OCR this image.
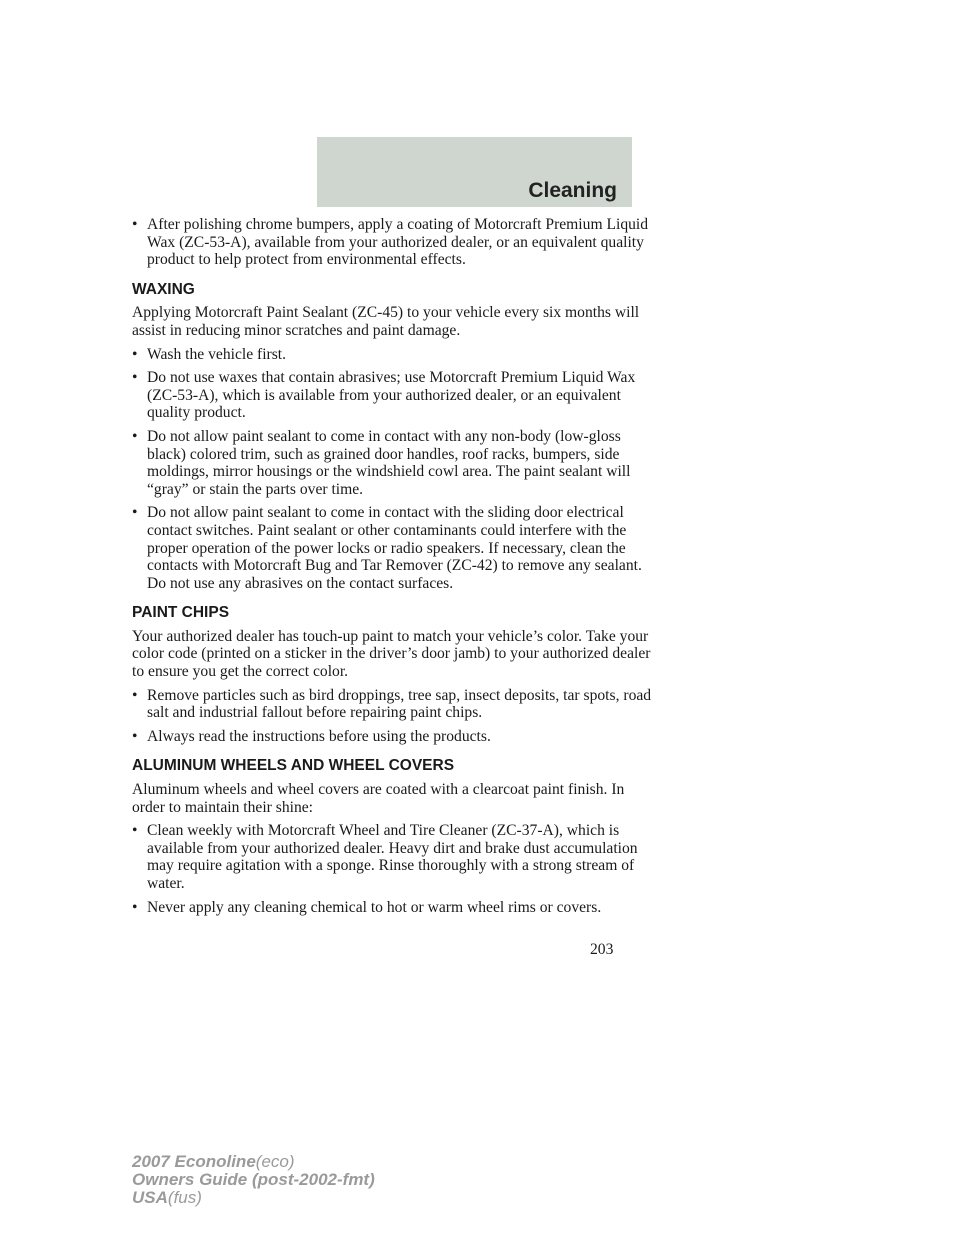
Cleaning
• After polishing chrome bumpers, apply a coating of Motorcraft Premium Liquid Wax (ZC-53-A), available from your authorized dealer, or an equivalent quality product to help protect from environmental effects.
WAXING

Applying Motorcraft Paint Sealant (ZC-45) to your vehicle every six months will assist in reducing minor scratches and paint damage.

• Wash the vehicle first.
• Do not use waxes that contain abrasives; use Motorcraft Premium Liquid Wax (ZC-53-A), which is available from your authorized dealer, or an equivalent quality product.
• Do not allow paint sealant to come in contact with any non-body (low-gloss black) colored trim, such as grained door handles, roof racks, bumpers, side moldings, mirror housings or the windshield cowl area. The paint sealant will “gray” or stain the parts over time.
• Do not allow paint sealant to come in contact with the sliding door electrical contact switches. Paint sealant or other contaminants could interfere with the proper operation of the power locks or radio speakers. If necessary, clean the contacts with Motorcraft Bug and Tar Remover (ZC-42) to remove any sealant. Do not use any abrasives on the contact surfaces.
PAINT CHIPS

Your authorized dealer has touch-up paint to match your vehicle’s color. Take your color code (printed on a sticker in the driver’s door jamb) to your authorized dealer to ensure you get the correct color.

• Remove particles such as bird droppings, tree sap, insect deposits, tar spots, road salt and industrial fallout before repairing paint chips.
• Always read the instructions before using the products.
ALUMINUM WHEELS AND WHEEL COVERS

Aluminum wheels and wheel covers are coated with a clearcoat paint finish. In order to maintain their shine:

• Clean weekly with Motorcraft Wheel and Tire Cleaner (ZC-37-A), which is available from your authorized dealer. Heavy dirt and brake dust accumulation may require agitation with a sponge. Rinse thoroughly with a strong stream of water.
• Never apply any cleaning chemical to hot or warm wheel rims or covers.
203
2007 Econoline(eco)
Owners Guide (post-2002-fmt)
USA(fus)
